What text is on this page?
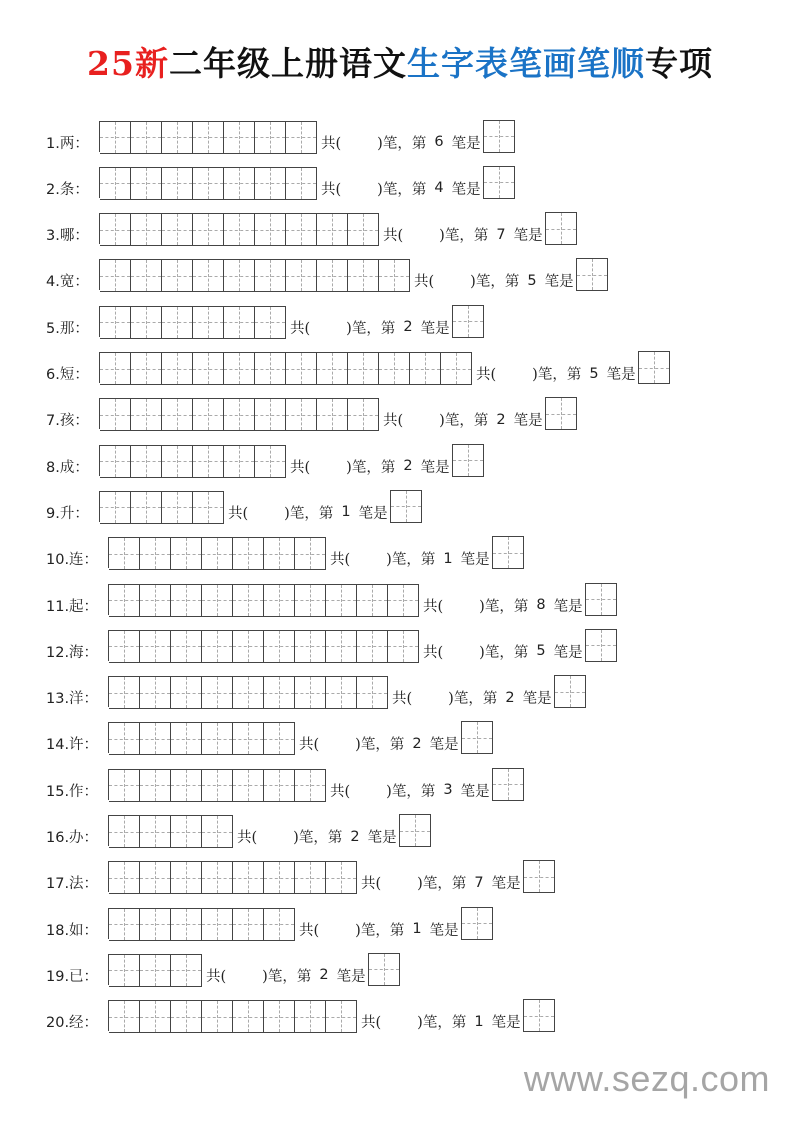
25新二年级上册语文生字表笔画笔顺专项
1.两：	共( )笔，第 6 笔是
2.条：	共( )笔，第 4 笔是
3.哪：	共( )笔，第 7 笔是
4.宽：	共( )笔，第 5 笔是
5.那：	共( )笔，第 2 笔是
6.短：	共( )笔，第 5 笔是
7.孩：	共( )笔，第 2 笔是
8.成：	共( )笔，第 2 笔是
9.升：	共( )笔，第 1 笔是
10.连：	共( )笔，第 1 笔是
11.起：	共( )笔，第 8 笔是
12.海：	共( )笔，第 5 笔是
13.洋：	共( )笔，第 2 笔是
14.许：	共( )笔，第 2 笔是
15.作：	共( )笔，第 3 笔是
16.办：	共( )笔，第 2 笔是
17.法：	共( )笔，第 7 笔是
18.如：	共( )笔，第 1 笔是
19.已：	共( )笔，第 2 笔是
20.经：	共( )笔，第 1 笔是
www.sezq.com
